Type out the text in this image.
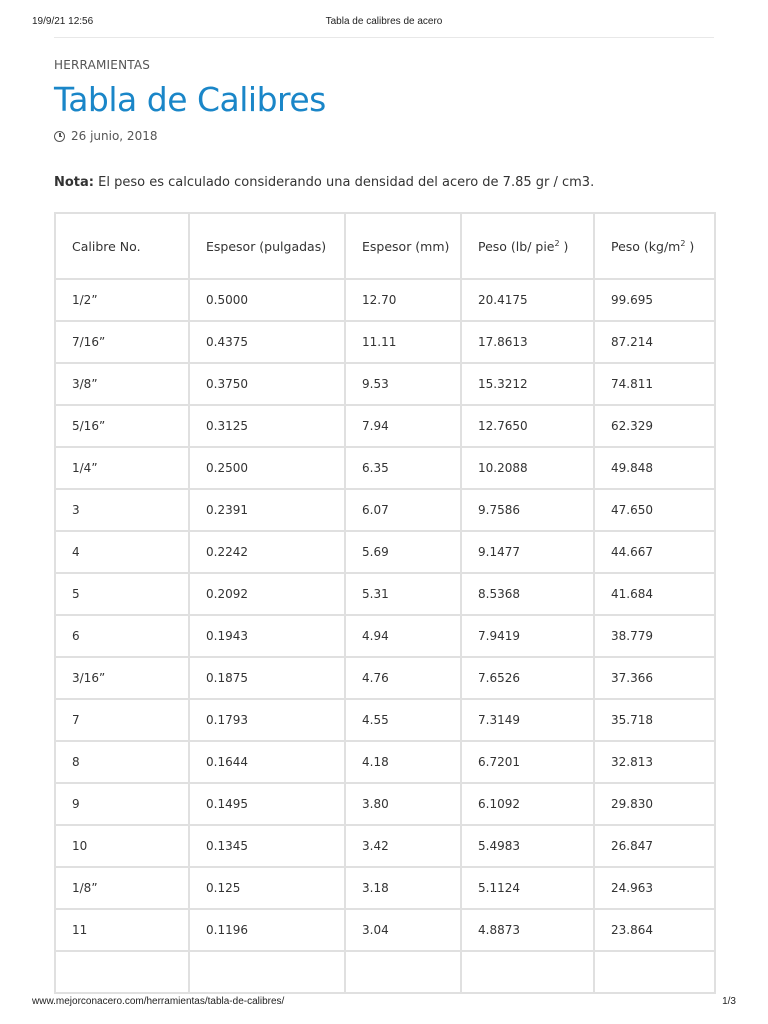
19/9/21 12:56	Tabla de calibres de acero
HERRAMIENTAS
Tabla de Calibres
26 junio, 2018

Nota: El peso es calculado considerando una densidad del acero de 7.85 gr / cm3.

Calibre No.	Espesor (pulgadas)	Espesor (mm)	Peso (lb/ pie$^2$ )	Peso ($kg/m^2$ )
1/2”	0.5000	12.70	20.4175	99.695
7/16”	0.4375	11.11	17.8613	87.214
3/8”	0.3750	9.53	15.3212	74.811
5/16”	0.3125	7.94	12.7650	62.329
1/4”	0.2500	6.35	10.2088	49.848
3	0.2391	6.07	9.7586	47.650
4	0.2242	5.69	9.1477	44.667
5	0.2092	5.31	8.5368	41.684
6	0.1943	4.94	7.9419	38.779
3/16”	0.1875	4.76	7.6526	37.366
7	0.1793	4.55	7.3149	35.718
8	0.1644	4.18	6.7201	32.813
9	0.1495	3.80	6.1092	29.830
10	0.1345	3.42	5.4983	26.847
1/8”	0.125	3.18	5.1124	24.963
11	0.1196	3.04	4.8873	23.864

www.mejorconacero.com/herramientas/tabla-de-calibres/	1/3
